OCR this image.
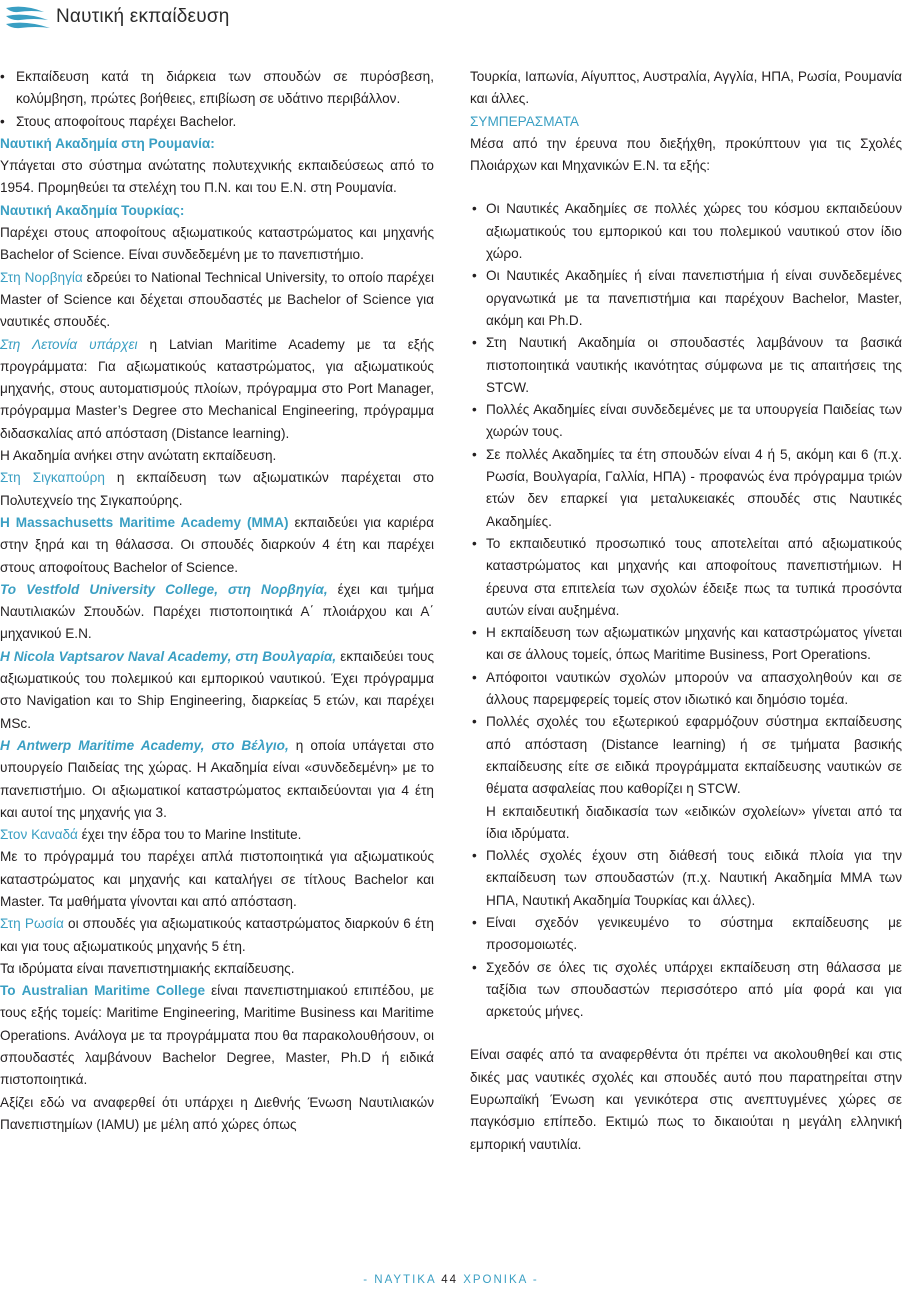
Ναυτική εκπαίδευση

• Εκπαίδευση κατά τη διάρκεια των σπουδών σε πυρόσβεση, κολύμβηση, πρώτες βοήθειες, επιβίωση σε υδάτινο περιβάλλον.

• Στους αποφοίτους παρέχει Bachelor.

Ναυτική Ακαδημία στη Ρουμανία:

Υπάγεται στο σύστημα ανώτατης πολυτεχνικής εκπαιδεύσεως από το 1954. Προμηθεύει τα στελέχη του Π.Ν. και του Ε.Ν. στη Ρουμανία.

Ναυτική Ακαδημία Τουρκίας:

Παρέχει στους αποφοίτους αξιωματικούς καταστρώματος και μηχανής Bachelor of Science. Είναι συνδεδεμένη με το πανεπιστήμιο.

Στη Νορβηγία εδρεύει το National Technical University, το οποίο παρέχει Master of Science και δέχεται σπουδαστές με Bachelor of Science για ναυτικές σπουδές.

Στη Λετονία υπάρχει η Latvian Maritime Academy με τα εξής προγράμματα: Για αξιωματικούς καταστρώματος, για αξιωματικούς μηχανής, στους αυτοματισμούς πλοίων, πρόγραμμα στο Port Manager, πρόγραμμα Master’s Degree στο Mechanical Engineering, πρόγραμμα διδασκαλίας από απόσταση (Distance learning).

Η Ακαδημία ανήκει στην ανώτατη εκπαίδευση.

Στη Σιγκαπούρη η εκπαίδευση των αξιωματικών παρέχεται στο Πολυτεχνείο της Σιγκαπούρης.

Η Massachusetts Maritime Academy (MMA) εκπαιδεύει για καριέρα στην ξηρά και τη θάλασσα. Οι σπουδές διαρκούν 4 έτη και παρέχει στους αποφοίτους Bachelor of Science.

Το Vestfold University College, στη Νορβηγία, έχει και τμήμα Ναυτιλιακών Σπουδών. Παρέχει πιστοποιητικά Α΄ πλοιάρχου και Α΄ μηχανικού Ε.Ν.

Η Nicola Vaptsarov Naval Academy, στη Βουλγαρία, εκπαιδεύει τους αξιωματικούς του πολεμικού και εμπορικού ναυτικού. Έχει πρόγραμμα στο Navigation και το Ship Engineering, διαρκείας 5 ετών, και παρέχει MSc.

Η Antwerp Maritime Academy, στο Βέλγιο, η οποία υπάγεται στο υπουργείο Παιδείας της χώρας. Η Ακαδημία είναι «συνδεδεμένη» με το πανεπιστήμιο. Οι αξιωματικοί καταστρώματος εκπαιδεύονται για 4 έτη και αυτοί της μηχανής για 3.

Στον Καναδά έχει την έδρα του το Marine Institute.

Με το πρόγραμμά του παρέχει απλά πιστοποιητικά για αξιωματικούς καταστρώματος και μηχανής και καταλήγει σε τίτλους Bachelor και Master. Τα μαθήματα γίνονται και από απόσταση.

Στη Ρωσία οι σπουδές για αξιωματικούς καταστρώματος διαρκούν 6 έτη και για τους αξιωματικούς μηχανής 5 έτη.

Τα ιδρύματα είναι πανεπιστημιακής εκπαίδευσης.

Το Australian Maritime College είναι πανεπιστημιακού επιπέδου, με τους εξής τομείς: Maritime Engineering, Maritime Business και Maritime Operations. Ανάλογα με τα προγράμματα που θα παρακολουθήσουν, οι σπουδαστές λαμβάνουν Bachelor Degree, Master, Ph.D ή ειδικά πιστοποιητικά.

Αξίζει εδώ να αναφερθεί ότι υπάρχει η Διεθνής Ένωση Ναυτιλιακών Πανεπιστημίων (IAMU) με μέλη από χώρες όπως

Τουρκία, Ιαπωνία, Αίγυπτος, Αυστραλία, Αγγλία, ΗΠΑ, Ρωσία, Ρουμανία και άλλες.

ΣΥΜΠΕΡΑΣΜΑΤΑ

Μέσα από την έρευνα που διεξήχθη, προκύπτουν για τις Σχολές Πλοιάρχων και Μηχανικών Ε.Ν. τα εξής:

• Οι Ναυτικές Ακαδημίες σε πολλές χώρες του κόσμου εκπαιδεύουν αξιωματικούς του εμπορικού και του πολεμικού ναυτικού στον ίδιο χώρο.

• Οι Ναυτικές Ακαδημίες ή είναι πανεπιστήμια ή είναι συνδεδεμένες οργανωτικά με τα πανεπιστήμια και παρέχουν Bachelor, Master, ακόμη και Ph.D.

• Στη Ναυτική Ακαδημία οι σπουδαστές λαμβάνουν τα βασικά πιστοποιητικά ναυτικής ικανότητας σύμφωνα με τις απαιτήσεις της STCW.

• Πολλές Ακαδημίες είναι συνδεδεμένες με τα υπουργεία Παιδείας των χωρών τους.

• Σε πολλές Ακαδημίες τα έτη σπουδών είναι 4 ή 5, ακόμη και 6 (π.χ. Ρωσία, Βουλγαρία, Γαλλία, ΗΠΑ) - προφανώς ένα πρόγραμμα τριών ετών δεν επαρκεί για μεταλυκειακές σπουδές στις Ναυτικές Ακαδημίες.

• Το εκπαιδευτικό προσωπικό τους αποτελείται από αξιωματικούς καταστρώματος και μηχανής και αποφοίτους πανεπιστήμιων. Η έρευνα στα επιτελεία των σχολών έδειξε πως τα τυπικά προσόντα αυτών είναι αυξημένα.

• Η εκπαίδευση των αξιωματικών μηχανής και καταστρώματος γίνεται και σε άλλους τομείς, όπως Maritime Business, Port Operations.

• Απόφοιτοι ναυτικών σχολών μπορούν να απασχοληθούν και σε άλλους παρεμφερείς τομείς στον ιδιωτικό και δημόσιο τομέα.

• Πολλές σχολές του εξωτερικού εφαρμόζουν σύστημα εκπαίδευσης από απόσταση (Distance learning) ή σε τμήματα βασικής εκπαίδευσης είτε σε ειδικά προγράμματα εκπαίδευσης ναυτικών σε θέματα ασφαλείας που καθορίζει η STCW.

Η εκπαιδευτική διαδικασία των «ειδικών σχολείων» γίνεται από τα ίδια ιδρύματα.

• Πολλές σχολές έχουν στη διάθεσή τους ειδικά πλοία για την εκπαίδευση των σπουδαστών (π.χ. Ναυτική Ακαδημία ΜΜΑ των ΗΠΑ, Ναυτική Ακαδημία Τουρκίας και άλλες).

• Είναι σχεδόν γενικευμένο το σύστημα εκπαίδευσης με προσομοιωτές.

• Σχεδόν σε όλες τις σχολές υπάρχει εκπαίδευση στη θάλασσα με ταξίδια των σπουδαστών περισσότερο από μία φορά και για αρκετούς μήνες.

Είναι σαφές από τα αναφερθέντα ότι πρέπει να ακολουθηθεί και στις δικές μας ναυτικές σχολές και σπουδές αυτό που παρατηρείται στην Ευρωπαϊκή Ένωση και γενικότερα στις ανεπτυγμένες χώρες σε παγκόσμιο επίπεδο. Εκτιμώ πως το δικαιούται η μεγάλη ελληνική εμπορική ναυτιλία.

- ΝΑΥΤΙΚΑ 44 ΧΡΟΝΙΚΑ -
